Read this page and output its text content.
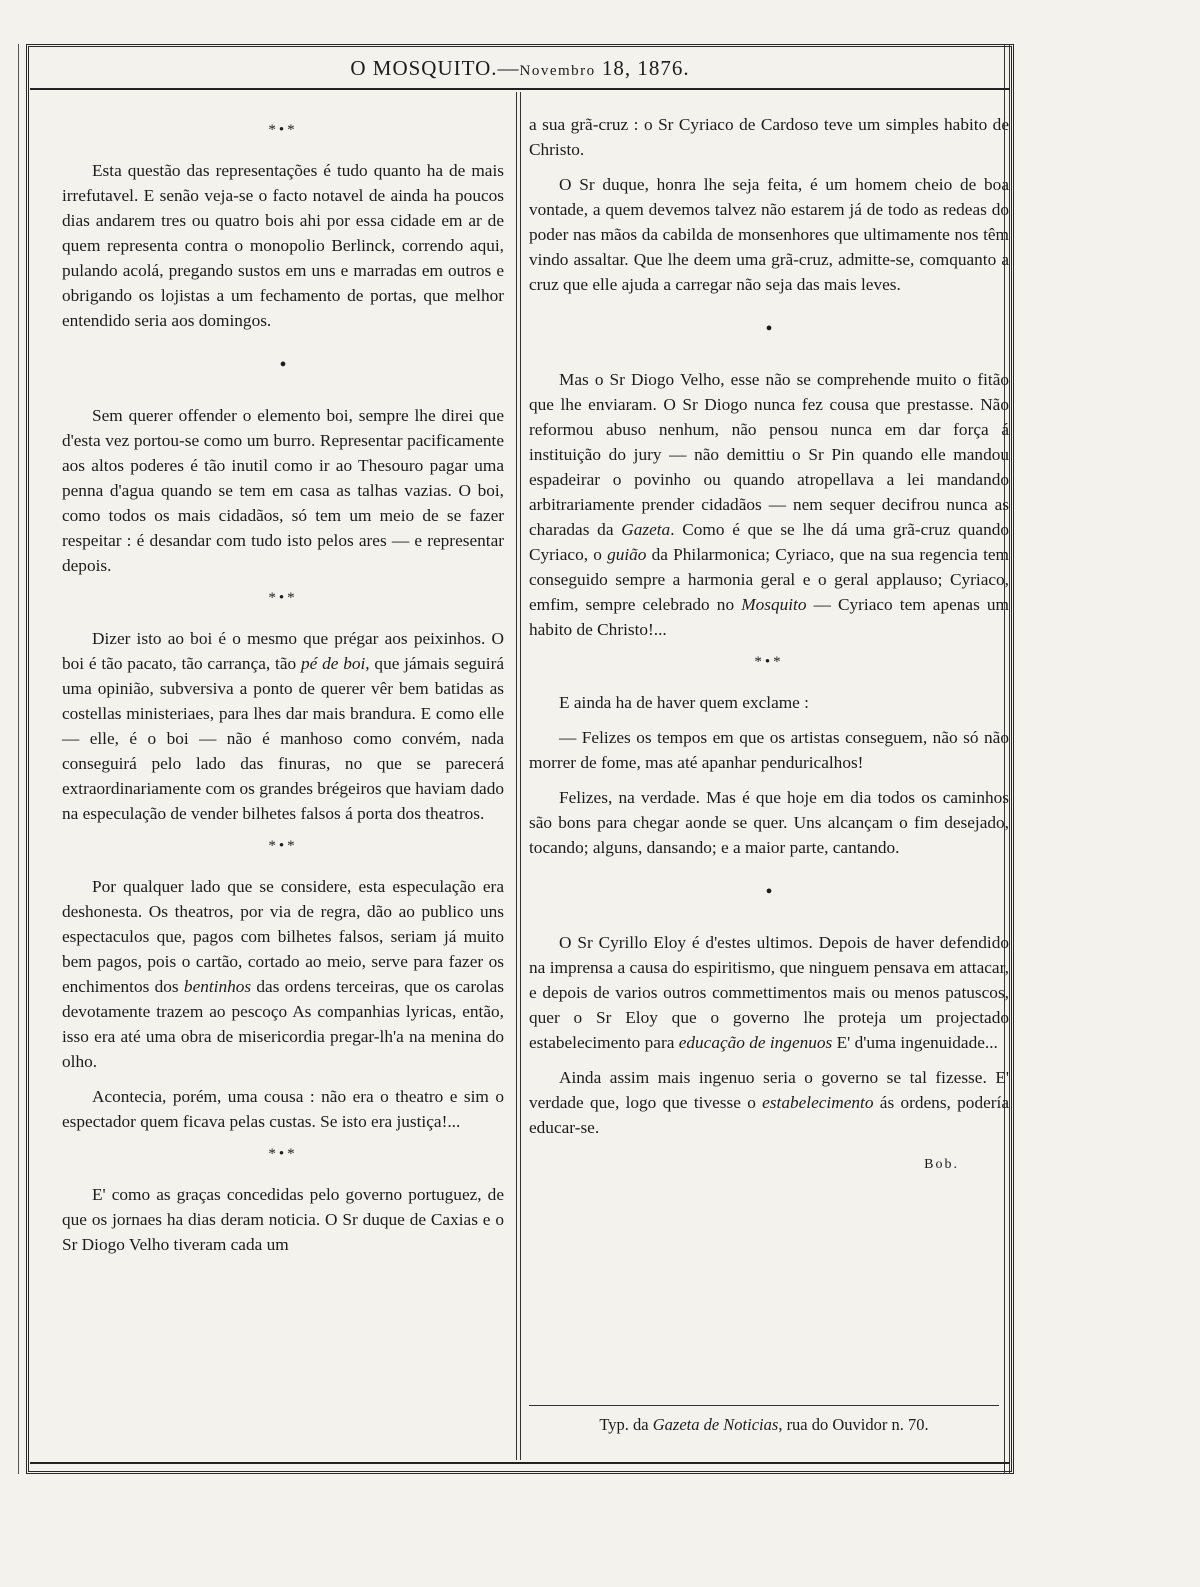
O MOSQUITO.—Novembro 18, 1876.
*•*

Esta questão das representações é tudo quanto ha de mais irrefutavel. E senão veja-se o facto notavel de ainda ha poucos dias andarem tres ou quatro bois ahi por essa cidade em ar de quem representa contra o monopolio Berlinck, correndo aqui, pulando acolá, pregando sustos em uns e marradas em outros e obrigando os lojistas a um fechamento de portas, que melhor entendido seria aos domingos.

•

Sem querer offender o elemento boi, sempre lhe direi que d'esta vez portou-se como um burro. Representar pacificamente aos altos poderes é tão inutil como ir ao Thesouro pagar uma penna d'agua quando se tem em casa as talhas vazias. O boi, como todos os mais cidadãos, só tem um meio de se fazer respeitar : é desandar com tudo isto pelos ares — e representar depois.

*•*

Dizer isto ao boi é o mesmo que prégar aos peixinhos. O boi é tão pacato, tão carrança, tão pé de boi, que jámais seguirá uma opinião, subversiva a ponto de querer vêr bem batidas as costellas ministeriaes, para lhes dar mais brandura. E como elle — elle, é o boi — não é manhoso como convém, nada conseguirá pelo lado das finuras, no que se parecerá extraordinariamente com os grandes brégeiros que haviam dado na especulação de vender bilhetes falsos á porta dos theatros.

*•*

Por qualquer lado que se considere, esta especulação era deshonesta. Os theatros, por via de regra, dão ao publico uns espectaculos que, pagos com bilhetes falsos, seriam já muito bem pagos, pois o cartão, cortado ao meio, serve para fazer os enchimentos dos bentinhos das ordens terceiras, que os carolas devotamente trazem ao pescoço As companhias lyricas, então, isso era até uma obra de misericordia pregar-lh'a na menina do olho.

Acontecia, porém, uma cousa : não era o theatro e sim o espectador quem ficava pelas custas. Se isto era justiça!...

*•*

E' como as graças concedidas pelo governo portuguez, de que os jornaes ha dias deram noticia. O Sr duque de Caxias e o Sr Diogo Velho tiveram cada um

a sua grã-cruz : o Sr Cyriaco de Cardoso teve um simples habito de Christo.

O Sr duque, honra lhe seja feita, é um homem cheio de boa vontade, a quem devemos talvez não estarem já de todo as redeas do poder nas mãos da cabilda de monsenhores que ultimamente nos têm vindo assaltar. Que lhe deem uma grã-cruz, admitte-se, comquanto a cruz que elle ajuda a carregar não seja das mais leves.

•

Mas o Sr Diogo Velho, esse não se comprehende muito o fitão que lhe enviaram. O Sr Diogo nunca fez cousa que prestasse. Não reformou abuso nenhum, não pensou nunca em dar força á instituição do jury — não demittiu o Sr Pin quando elle mandou espadeirar o povinho ou quando atropellava a lei mandando arbitrariamente prender cidadãos — nem sequer decifrou nunca as charadas da Gazeta. Como é que se lhe dá uma grã-cruz quando Cyriaco, o guião da Philarmonica; Cyriaco, que na sua regencia tem conseguido sempre a harmonia geral e o geral applauso; Cyriaco, emfim, sempre celebrado no Mosquito — Cyriaco tem apenas um habito de Christo!...

*•*

E ainda ha de haver quem exclame :

— Felizes os tempos em que os artistas conseguem, não só não morrer de fome, mas até apanhar penduricalhos!

Felizes, na verdade. Mas é que hoje em dia todos os caminhos são bons para chegar aonde se quer. Uns alcançam o fim desejado, tocando; alguns, dansando; e a maior parte, cantando.

•

O Sr Cyrillo Eloy é d'estes ultimos. Depois de haver defendido na imprensa a causa do espiritismo, que ninguem pensava em attacar, e depois de varios outros commettimentos mais ou menos patuscos, quer o Sr Eloy que o governo lhe proteja um projectado estabelecimento para educação de ingenuos E' d'uma ingenuidade...

Ainda assim mais ingenuo seria o governo se tal fizesse. E' verdade que, logo que tivesse o estabelecimento ás ordens, podería educar-se.

Bob.
Typ. da Gazeta de Noticias, rua do Ouvidor n. 70.
